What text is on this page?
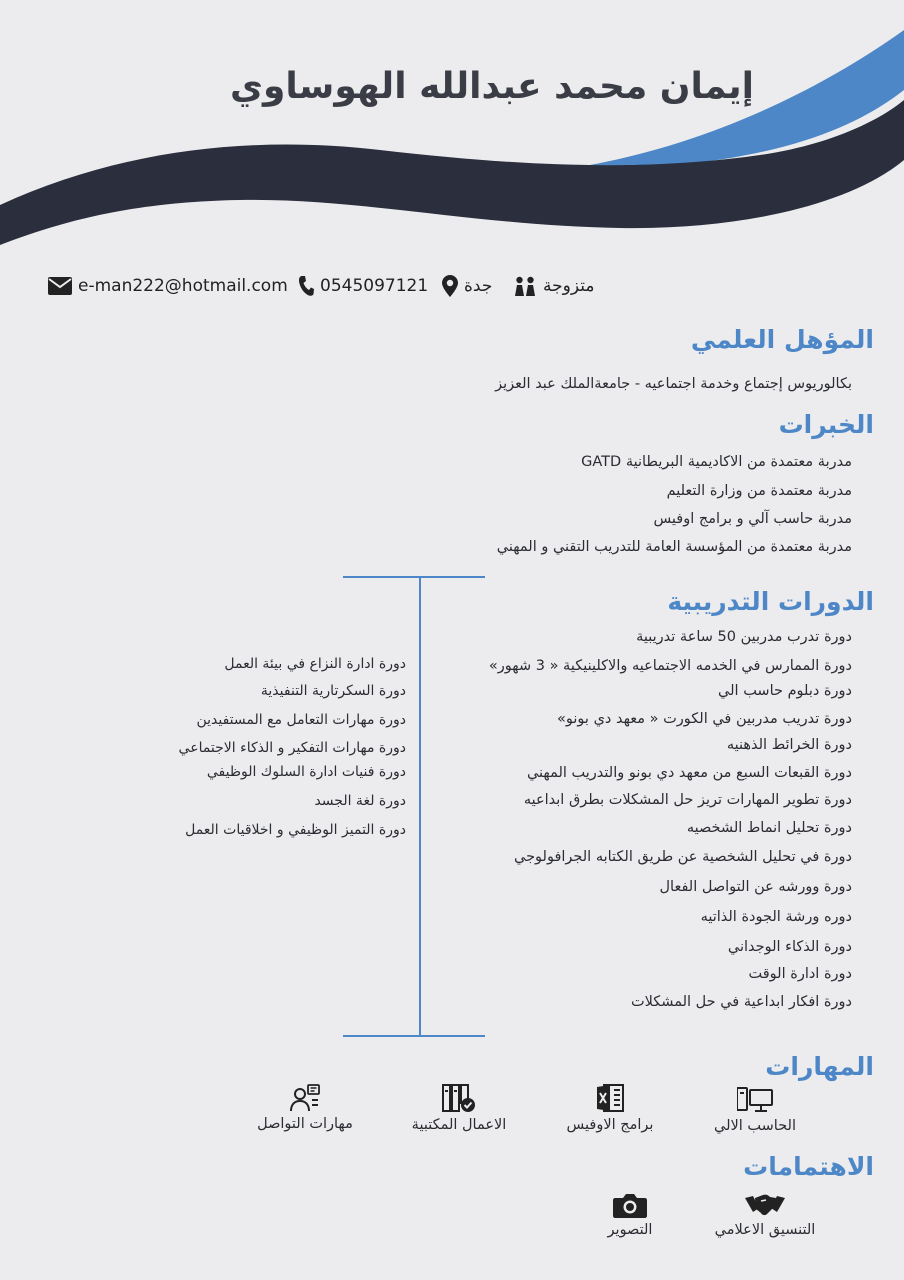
إيمان محمد عبدالله الهوساوي
e-man222@hotmail.com 0545097121 جدة	متزوجة
المؤهل العلمي
بكالوريوس إجتماع وخدمة اجتماعيه - جامعةالملك عبد العزيز
الخبرات
مدربة معتمدة من الاكاديمية البريطانية GATD
مدربة معتمدة من وزارة التعليم
مدربة حاسب آلي و برامج اوفيس
مدربة معتمدة من المؤسسة العامة للتدريب التقني و المهني
الدورات التدريبية
دورة تدرب مدربين 50 ساعة تدريبية
دورة الممارس في الخدمه الاجتماعيه والاكلينيكية « 3 شهور»
دورة دبلوم حاسب الي
دورة تدريب مدربين في الكورت « معهد دي بونو»
دورة الخرائط الذهنيه
دورة القبعات السبع من معهد دي بونو والتدريب المهني
دورة تطوير المهارات تريز حل المشكلات بطرق ابداعيه
دورة تحليل انماط الشخصيه
دورة في تحليل الشخصية عن طريق الكتابه الجرافولوجي
دورة وورشه عن التواصل الفعال
دوره ورشة الجودة الذاتيه
دورة الذكاء الوجداني
دورة ادارة الوقت
دورة افكار ابداعية في حل المشكلات
دورة ادارة النزاع في بيئة العمل
دورة السكرتارية التنفيذية
دورة مهارات التعامل مع المستفيدين
دورة مهارات التفكير و الذكاء الاجتماعي
دورة فنيات ادارة السلوك الوظيفي
دورة لغة الجسد
دورة التميز الوظيفي و اخلاقيات العمل
المهارات
الحاسب الالي
برامج الاوفيس
الاعمال المكتبية
مهارات التواصل
الاهتمامات
التنسيق الاعلامي
التصوير
